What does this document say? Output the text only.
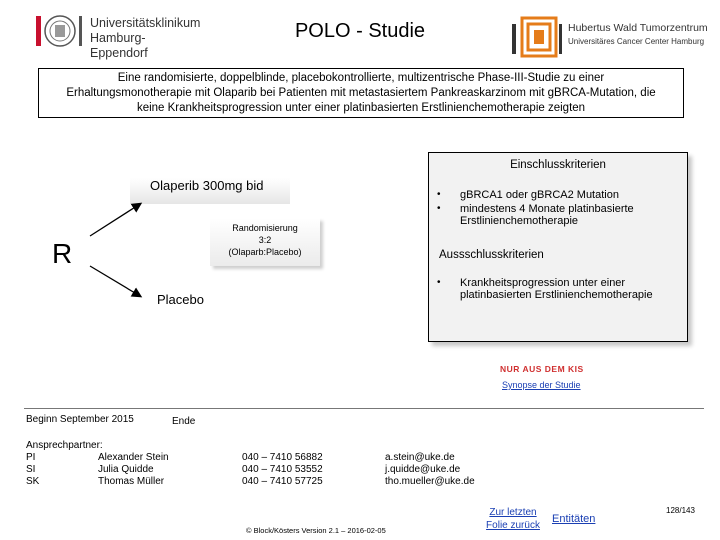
Universitätsklinikum
Hamburg-Eppendorf
POLO - Studie	Hubertus Wald Tumorzentrum
Universitäres Cancer Center Hamburg
Eine randomisierte, doppelblinde, placebokontrollierte, multizentrische Phase-III-Studie zu einer
Erhaltungsmonotherapie mit Olaparib bei Patienten mit metastasiertem Pankreaskarzinom mit gBRCA-Mutation, die
keine Krankheitsprogression unter einer platinbasierten Erstlinienchemotherapie zeigten
Olaperib 300mg bid
R
Randomisierung
3:2
(Olaparb:Placebo)
Placebo
Einschlusskriterien
• gBRCA1 oder gBRCA2 Mutation
• mindestens 4 Monate platinbasierte Erstlinienchemotherapie
Aussschlusskriterien
• Krankheitsprogression unter einer platinbasierten Erstlinienchemotherapie
NUR AUS DEM KIS
Synopse der Studie
Beginn September 2015	Ende
Ansprechpartner:
PI	Alexander Stein	040 – 7410 56882	a.stein@uke.de
SI	Julia Quidde	040 – 7410 53552	j.quidde@uke.de
SK	Thomas Müller	040 – 7410 57725	tho.mueller@uke.de
© Block/Kösters Version 2.1 – 2016-02-05
Zur letzten
Folie zurück
Entitäten
128/143
